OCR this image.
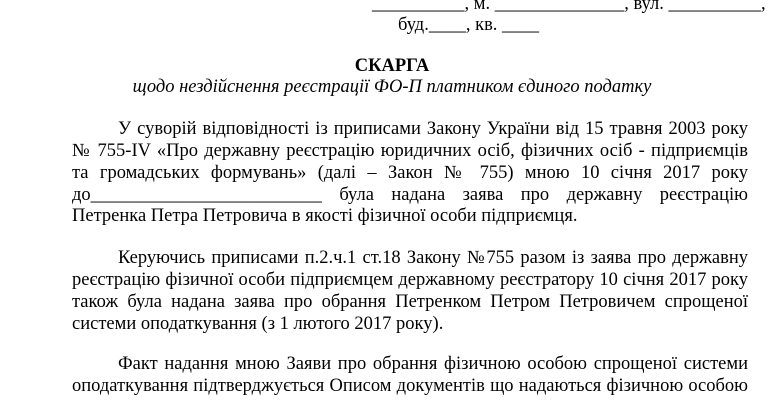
__________, м. ______________, вул. __________,
буд.____, кв. ____
СКАРГА
щодо нездійснення реєстрації ФО-П платником єдиного податку
У суворій відповідності із приписами Закону України від 15 травня 2003 року
№ 755-IV «Про державну реєстрацію юридичних осіб, фізичних осіб - підприємців
та громадських формувань» (далі – Закон № 755) мною 10 січня 2017 року
до_________________________ була надана заява про державну реєстрацію
Петренка Петра Петровича в якості фізичної особи підприємця.
Керуючись приписами п.2.ч.1 ст.18 Закону №755 разом із заява про державну
реєстрацію фізичної особи підприємцем державному реєстратору 10 січня 2017 року
також була надана заява про обрання Петренком Петром Петровичем спрощеної
системи оподаткування (з 1 лютого 2017 року).
Факт надання мною Заяви про обрання фізичною особою спрощеної системи
оподаткування підтверджується Описом документів що надаються фізичною особою
